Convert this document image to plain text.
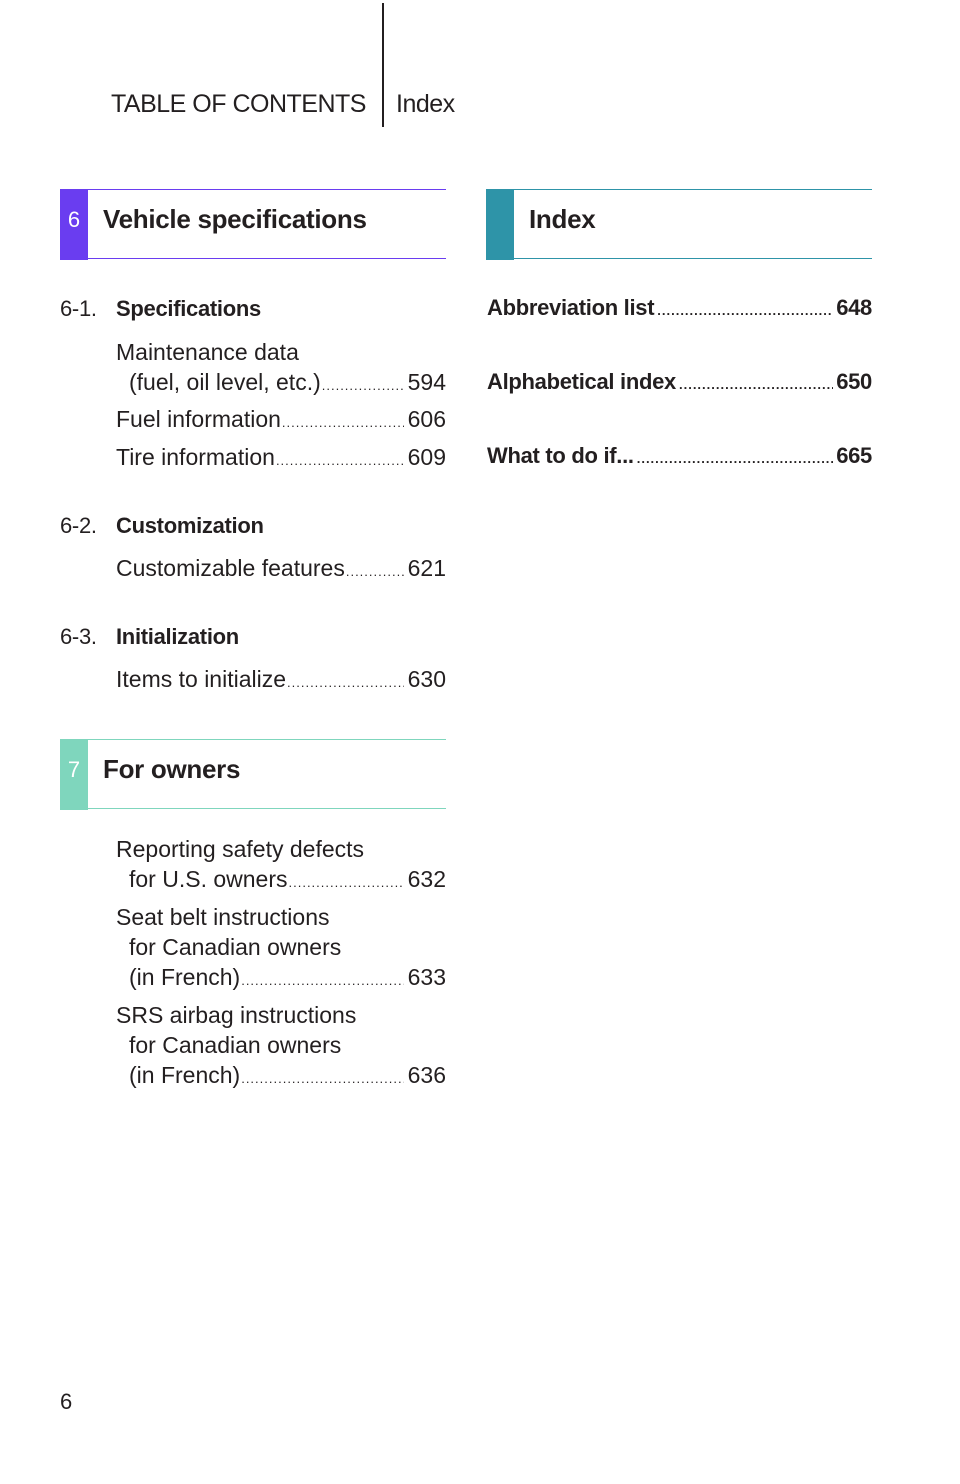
TABLE OF CONTENTS Index
6 Vehicle specifications
6-1. Specifications
Maintenance data
(fuel, oil level, etc.) .....	594
Fuel information .....	606
Tire information .....	609
6-2. Customization
Customizable features .....	621
6-3. Initialization
Items to initialize .....	630
7 For owners
Reporting safety defects
for U.S. owners .....	632
Seat belt instructions
for Canadian owners
(in French) .....	633
SRS airbag instructions
for Canadian owners
(in French) .....	636
Index
Abbreviation list .....	648
Alphabetical index .....	650
What to do if... .....	665
6
